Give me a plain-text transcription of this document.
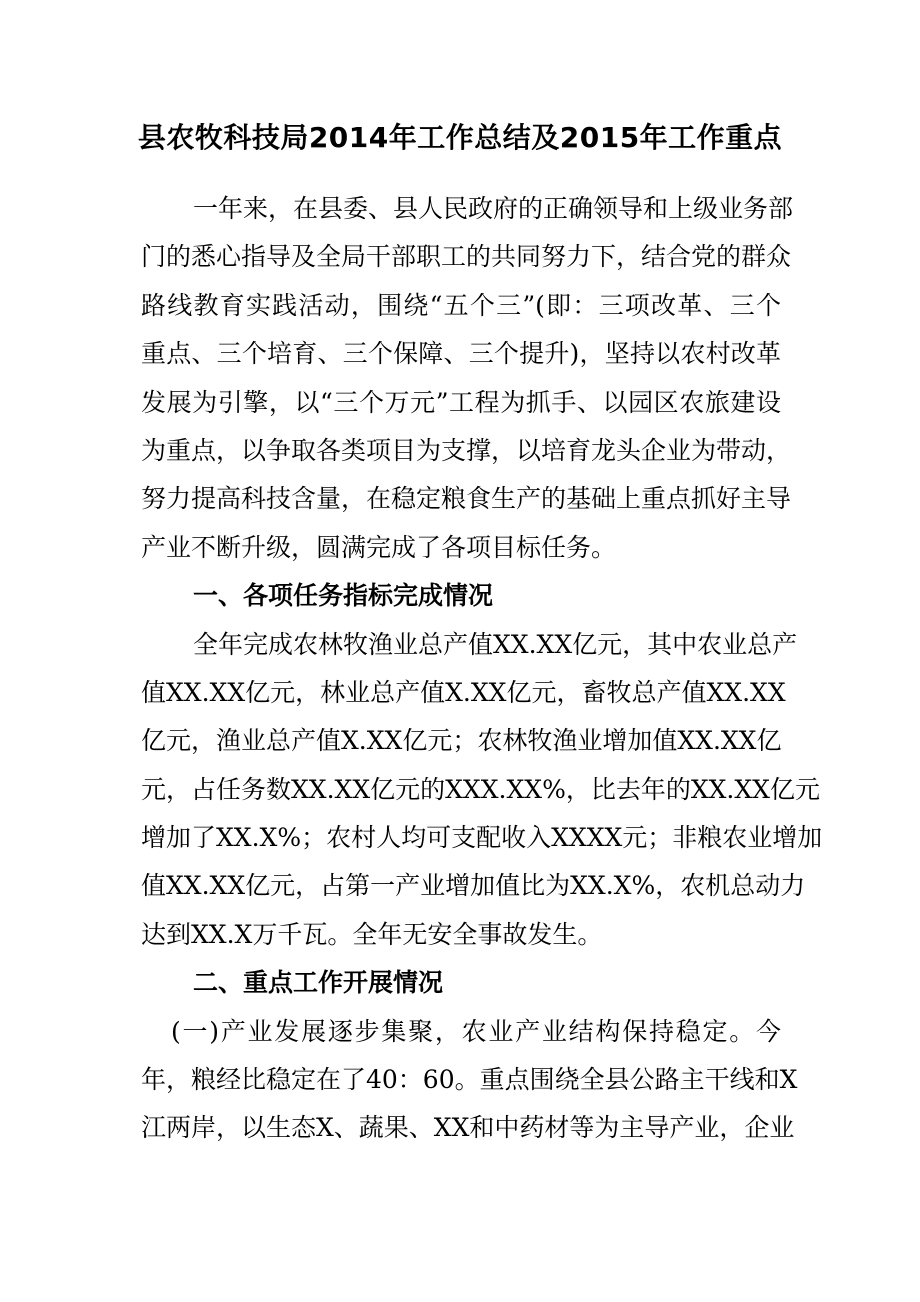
县农牧科技局2014年工作总结及2015年工作重点
一年来，在县委、县人民政府的正确领导和上级业务部
门的悉心指导及全局干部职工的共同努力下，结合党的群众
路线教育实践活动，围绕“五个三”(即：三项改革、三个
重点、三个培育、三个保障、三个提升)，坚持以农村改革
发展为引擎，以“三个万元”工程为抓手、以园区农旅建设
为重点，以争取各类项目为支撑，以培育龙头企业为带动，
努力提高科技含量，在稳定粮食生产的基础上重点抓好主导
产业不断升级，圆满完成了各项目标任务。
一、各项任务指标完成情况
全年完成农林牧渔业总产值XX.XX亿元，其中农业总产
值XX.XX亿元，林业总产值X.XX亿元，畜牧总产值XX.XX
亿元，渔业总产值X.XX亿元；农林牧渔业增加值XX.XX亿
元，占任务数XX.XX亿元的XXX.XX%，比去年的XX.XX亿元
增加了XX.X%；农村人均可支配收入XXXX元；非粮农业增加
值XX.XX亿元，占第一产业增加值比为XX.X%，农机总动力
达到XX.X万千瓦。全年无安全事故发生。
二、重点工作开展情况
(一)产业发展逐步集聚，农业产业结构保持稳定。今
年，粮经比稳定在了40：60。重点围绕全县公路主干线和X
江两岸，以生态X、蔬果、XX和中药材等为主导产业，企业
